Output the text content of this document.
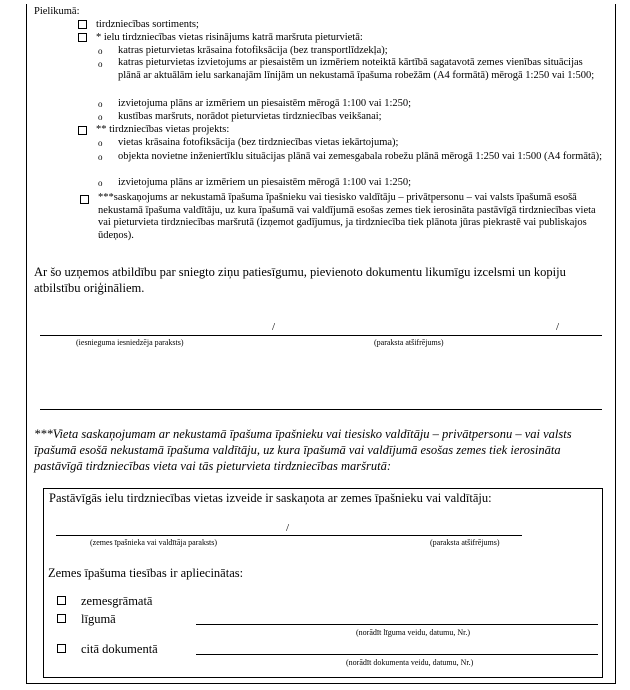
Pielikumā:
tirdzniecības sortiments;
* ielu tirdzniecības vietas risinājums katrā maršruta pieturvietā:
o katras pieturvietas krāsaina fotofiksācija (bez transportlīdzekļa);
o katras pieturvietas izvietojums ar piesaistēm un izmēriem noteiktā kārtībā sagatavotā zemes vienības situācijas plānā ar aktuālām ielu sarkanajām līnijām un nekustamā īpašuma robežām (A4 formātā) mērogā 1:250 vai 1:500;
o izvietojuma plāns ar izmēriem un piesaistēm mērogā 1:100 vai 1:250;
o kustības maršruts, norādot pieturvietas tirdzniecības veikšanai;
** tirdzniecības vietas projekts:
o vietas krāsaina fotofiksācija (bez tirdzniecības vietas iekārtojuma);
o objekta novietne inženiertīklu situācijas plānā vai zemesgabala robežu plānā mērogā 1:250 vai 1:500 (A4 formātā);
o izvietojuma plāns ar izmēriem un piesaistēm mērogā 1:100 vai 1:250;
***saskaņojums ar nekustamā īpašuma īpašnieku vai tiesisko valdītāju – privātpersonu – vai valsts īpašumā esošā nekustamā īpašuma valdītāju, uz kura īpašumā vai valdījumā esošas zemes tiek ierosināta pastāvīgā tirdzniecības vieta vai pieturvieta tirdzniecības maršrutā (izņemot gadījumus, ja tirdzniecība tiek plānota jūras piekrastē vai publiskajos ūdeņos).
Ar šo uzņemos atbildību par sniegto ziņu patiesīgumu, pievienoto dokumentu likumīgu izcelsmi un kopiju atbilstību oriģināliem.
/	/
(iesnieguma iesniedzēja paraksts)	(paraksta atšifrējums)
***Vieta saskaņojumam ar nekustamā īpašuma īpašnieku vai tiesisko valdītāju – privātpersonu – vai valsts īpašumā esošā nekustamā īpašuma valdītāju, uz kura īpašumā vai valdījumā esošas zemes tiek ierosināta pastāvīgā tirdzniecības vieta vai tās pieturvieta tirdzniecības maršrutā:
Pastāvīgās ielu tirdzniecības vietas izveide ir saskaņota ar zemes īpašnieku vai valdītāju:
/
(zemes īpašnieka vai valdītāja paraksts)	(paraksta atšifrējums)
Zemes īpašuma tiesības ir apliecinātas:
zemesgrāmatā
līgumā
(norādīt līguma veidu, datumu, Nr.)
citā dokumentā
(norādīt dokumenta veidu, datumu, Nr.)
